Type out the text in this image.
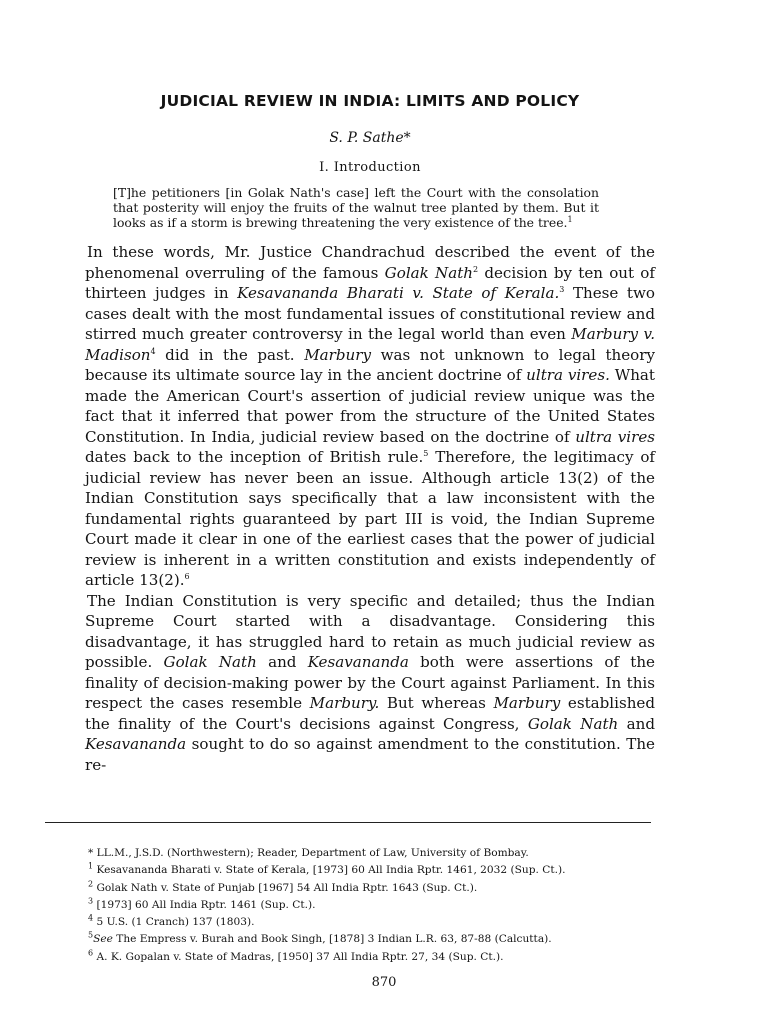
JUDICIAL REVIEW IN INDIA: LIMITS AND POLICY
S. P. Sathe*
I. Introduction
[T]he petitioners [in Golak Nath's case] left the Court with the consolation that posterity will enjoy the fruits of the walnut tree planted by them. But it looks as if a storm is brewing threatening the very existence of the tree.$^1$

In these words, Mr. Justice Chandrachud described the event of the phenomenal overruling of the famous Golak Nath$^2$ decision by ten out of thirteen judges in Kesavananda Bharati v. State of Kerala.$^3$ These two cases dealt with the most fundamental issues of constitutional review and stirred much greater controversy in the legal world than even Marbury v. Madison$^4$ did in the past. Marbury was not unknown to legal theory because its ultimate source lay in the ancient doctrine of ultra vires. What made the American Court's assertion of judicial review unique was the fact that it inferred that power from the structure of the United States Constitution. In India, judicial review based on the doctrine of ultra vires dates back to the inception of British rule.$^5$ Therefore, the legitimacy of judicial review has never been an issue. Although article 13(2) of the Indian Constitution says specifically that a law inconsistent with the fundamental rights guaranteed by part III is void, the Indian Supreme Court made it clear in one of the earliest cases that the power of judicial review is inherent in a written constitution and exists independently of article 13(2).$^6$

The Indian Constitution is very specific and detailed; thus the Indian Supreme Court started with a disadvantage. Considering this disadvantage, it has struggled hard to retain as much judicial review as possible. Golak Nath and Kesavananda both were assertions of the finality of decision-making power by the Court against Parliament. In this respect the cases resemble Marbury. But whereas Marbury established the finality of the Court's decisions against Congress, Golak Nath and Kesavananda sought to do so against amendment to the constitution. The re-

* LL.M., J.S.D. (Northwestern); Reader, Department of Law, University of Bombay.
$^1$ Kesavananda Bharati v. State of Kerala, [1973] 60 All India Rptr. 1461, 2032 (Sup. Ct.).
$^2$ Golak Nath v. State of Punjab [1967] 54 All India Rptr. 1643 (Sup. Ct.).
$^3$ [1973] 60 All India Rptr. 1461 (Sup. Ct.).
$^4$ 5 U.S. (1 Cranch) 137 (1803).
$^5$See The Empress v. Burah and Book Singh, [1878] 3 Indian L.R. 63, 87-88 (Calcutta).
$^6$ A. K. Gopalan v. State of Madras, [1950] 37 All India Rptr. 27, 34 (Sup. Ct.).
870
